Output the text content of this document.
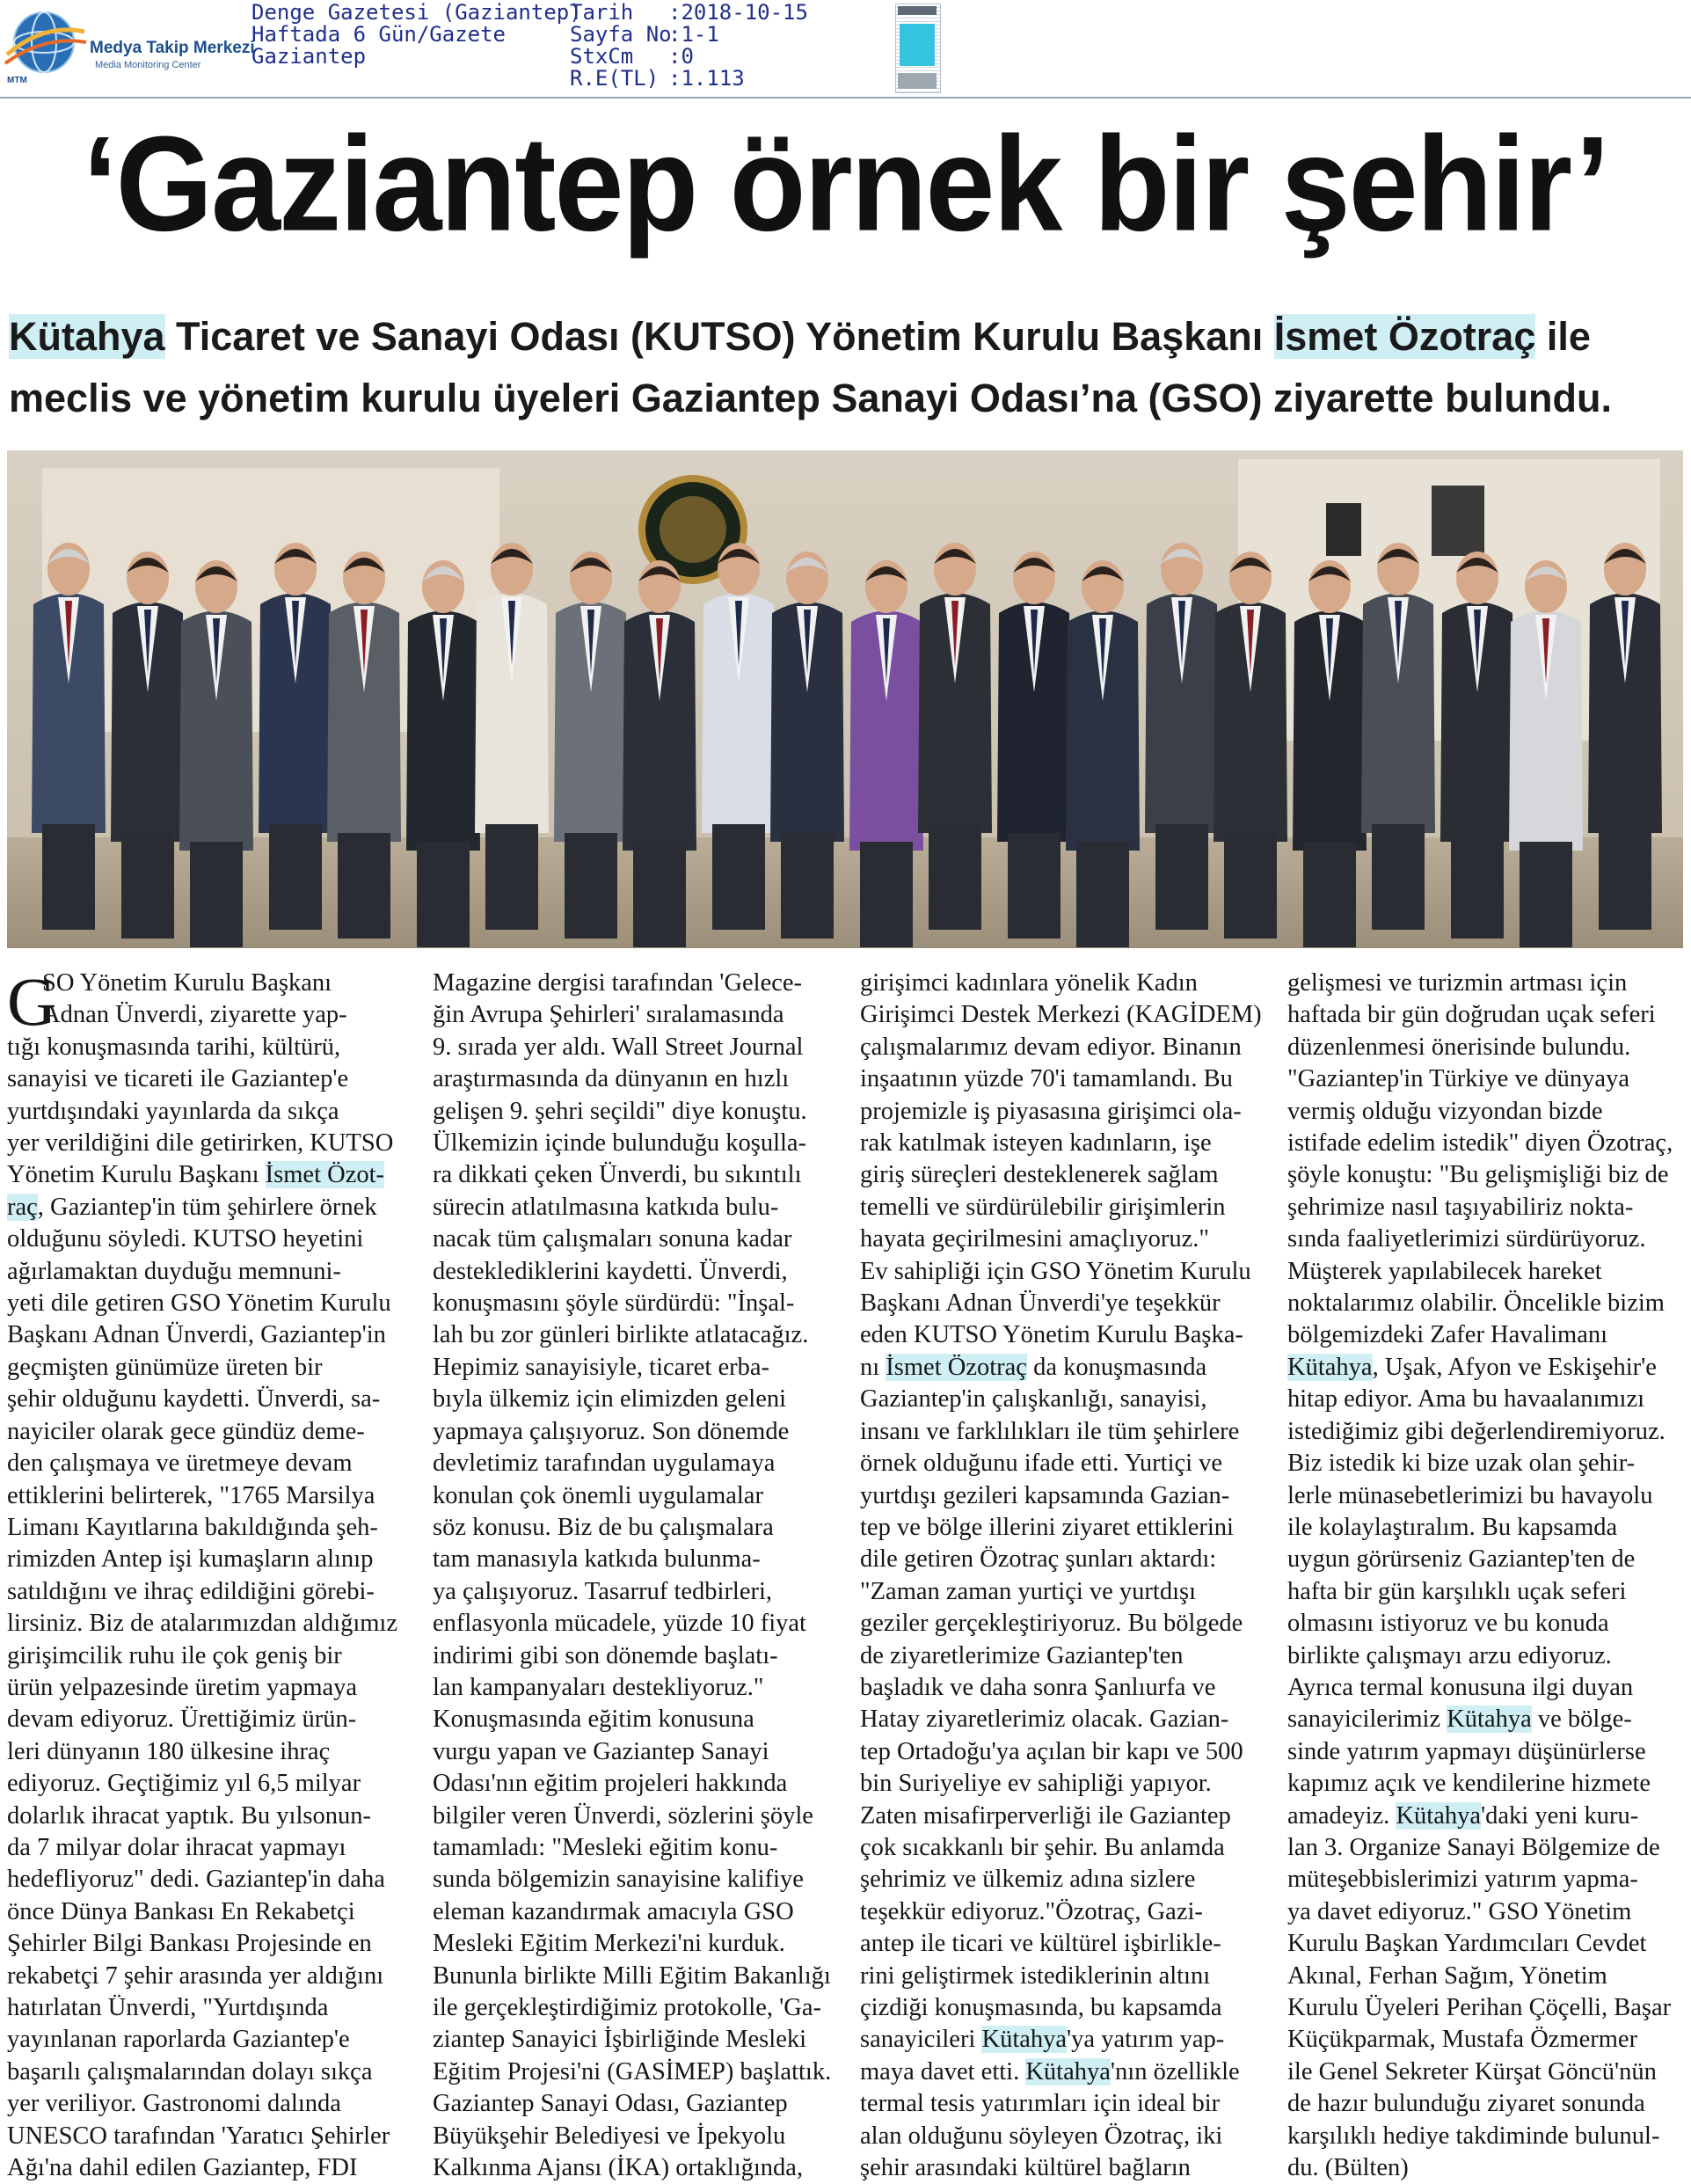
Medya Takip Merkezi
Media Monitoring Center
MTM
Denge Gazetesi (Gaziantep)
Haftada 6 Gün/Gazete
Gaziantep
Tarih	:2018-10-15
Sayfa No
:1-1
StxCm	:0
R.E(TL) :1.113
‘Gaziantep örnek bir şehir’
Kütahya Ticaret ve Sanayi Odası (KUTSO) Yönetim Kurulu Başkanı İsmet Özotraç ile
meclis ve yönetim kurulu üyeleri Gaziantep Sanayi Odası’na (GSO) ziyarette bulundu.
G
SO Yönetim Kurulu Başkanı
Adnan Ünverdi, ziyarette yap-
tığı konuşmasında tarihi, kültürü,
sanayisi ve ticareti ile Gaziantep'e
yurtdışındaki yayınlarda da sıkça
yer verildiğini dile getirirken, KUTSO
Yönetim Kurulu Başkanı İsmet Özot-
raç, Gaziantep'in tüm şehirlere örnek
olduğunu söyledi. KUTSO heyetini
ağırlamaktan duyduğu memnuni-
yeti dile getiren GSO Yönetim Kurulu
Başkanı Adnan Ünverdi, Gaziantep'in
geçmişten günümüze üreten bir
şehir olduğunu kaydetti. Ünverdi, sa-
nayiciler olarak gece gündüz deme-
den çalışmaya ve üretmeye devam
ettiklerini belirterek, "1765 Marsilya
Limanı Kayıtlarına bakıldığında şeh-
rimizden Antep işi kumaşların alınıp
satıldığını ve ihraç edildiğini görebi-
lirsiniz. Biz de atalarımızdan aldığımız
girişimcilik ruhu ile çok geniş bir
ürün yelpazesinde üretim yapmaya
devam ediyoruz. Ürettiğimiz ürün-
leri dünyanın 180 ülkesine ihraç
ediyoruz. Geçtiğimiz yıl 6,5 milyar
dolarlık ihracat yaptık. Bu yılsonun-
da 7 milyar dolar ihracat yapmayı
hedefliyoruz" dedi. Gaziantep'in daha
önce Dünya Bankası En Rekabetçi
Şehirler Bilgi Bankası Projesinde en
rekabetçi 7 şehir arasında yer aldığını
hatırlatan Ünverdi, "Yurtdışında
yayınlanan raporlarda Gaziantep'e
başarılı çalışmalarından dolayı sıkça
yer veriliyor. Gastronomi dalında
UNESCO tarafından 'Yaratıcı Şehirler
Ağı'na dahil edilen Gaziantep, FDI
Magazine dergisi tarafından 'Gelece-
ğin Avrupa Şehirleri' sıralamasında
9. sırada yer aldı. Wall Street Journal
araştırmasında da dünyanın en hızlı
gelişen 9. şehri seçildi" diye konuştu.
Ülkemizin içinde bulunduğu koşulla-
ra dikkati çeken Ünverdi, bu sıkıntılı
sürecin atlatılmasına katkıda bulu-
nacak tüm çalışmaları sonuna kadar
desteklediklerini kaydetti. Ünverdi,
konuşmasını şöyle sürdürdü: "İnşal-
lah bu zor günleri birlikte atlatacağız.
Hepimiz sanayisiyle, ticaret erba-
bıyla ülkemiz için elimizden geleni
yapmaya çalışıyoruz. Son dönemde
devletimiz tarafından uygulamaya
konulan çok önemli uygulamalar
söz konusu. Biz de bu çalışmalara
tam manasıyla katkıda bulunma-
ya çalışıyoruz. Tasarruf tedbirleri,
enflasyonla mücadele, yüzde 10 fiyat
indirimi gibi son dönemde başlatı-
lan kampanyaları destekliyoruz."
Konuşmasında eğitim konusuna
vurgu yapan ve Gaziantep Sanayi
Odası'nın eğitim projeleri hakkında
bilgiler veren Ünverdi, sözlerini şöyle
tamamladı: "Mesleki eğitim konu-
sunda bölgemizin sanayisine kalifiye
eleman kazandırmak amacıyla GSO
Mesleki Eğitim Merkezi'ni kurduk.
Bununla birlikte Milli Eğitim Bakanlığı
ile gerçekleştirdiğimiz protokolle, 'Ga-
ziantep Sanayici İşbirliğinde Mesleki
Eğitim Projesi'ni (GASİMEP) başlattık.
Gaziantep Sanayi Odası, Gaziantep
Büyükşehir Belediyesi ve İpekyolu
Kalkınma Ajansı (İKA) ortaklığında,
girişimci kadınlara yönelik Kadın
Girişimci Destek Merkezi (KAGİDEM)
çalışmalarımız devam ediyor. Binanın
inşaatının yüzde 70'i tamamlandı. Bu
projemizle iş piyasasına girişimci ola-
rak katılmak isteyen kadınların, işe
giriş süreçleri desteklenerek sağlam
temelli ve sürdürülebilir girişimlerin
hayata geçirilmesini amaçlıyoruz."
Ev sahipliği için GSO Yönetim Kurulu
Başkanı Adnan Ünverdi'ye teşekkür
eden KUTSO Yönetim Kurulu Başka-
nı İsmet Özotraç da konuşmasında
Gaziantep'in çalışkanlığı, sanayisi,
insanı ve farklılıkları ile tüm şehirlere
örnek olduğunu ifade etti. Yurtiçi ve
yurtdışı gezileri kapsamında Gazian-
tep ve bölge illerini ziyaret ettiklerini
dile getiren Özotraç şunları aktardı:
"Zaman zaman yurtiçi ve yurtdışı
geziler gerçekleştiriyoruz. Bu bölgede
de ziyaretlerimize Gaziantep'ten
başladık ve daha sonra Şanlıurfa ve
Hatay ziyaretlerimiz olacak. Gazian-
tep Ortadoğu'ya açılan bir kapı ve 500
bin Suriyeliye ev sahipliği yapıyor.
Zaten misafirperverliği ile Gaziantep
çok sıcakkanlı bir şehir. Bu anlamda
şehrimiz ve ülkemiz adına sizlere
teşekkür ediyoruz."Özotraç, Gazi-
antep ile ticari ve kültürel işbirlikle-
rini geliştirmek istediklerinin altını
çizdiği konuşmasında, bu kapsamda
sanayicileri Kütahya'ya yatırım yap-
maya davet etti. Kütahya'nın özellikle
termal tesis yatırımları için ideal bir
alan olduğunu söyleyen Özotraç, iki
şehir arasındaki kültürel bağların
gelişmesi ve turizmin artması için
haftada bir gün doğrudan uçak seferi
düzenlenmesi önerisinde bulundu.
"Gaziantep'in Türkiye ve dünyaya
vermiş olduğu vizyondan bizde
istifade edelim istedik" diyen Özotraç,
şöyle konuştu: "Bu gelişmişliği biz de
şehrimize nasıl taşıyabiliriz nokta-
sında faaliyetlerimizi sürdürüyoruz.
Müşterek yapılabilecek hareket
noktalarımız olabilir. Öncelikle bizim
bölgemizdeki Zafer Havalimanı
Kütahya, Uşak, Afyon ve Eskişehir'e
hitap ediyor. Ama bu havaalanımızı
istediğimiz gibi değerlendiremiyoruz.
Biz istedik ki bize uzak olan şehir-
lerle münasebetlerimizi bu havayolu
ile kolaylaştıralım. Bu kapsamda
uygun görürseniz Gaziantep'ten de
hafta bir gün karşılıklı uçak seferi
olmasını istiyoruz ve bu konuda
birlikte çalışmayı arzu ediyoruz.
Ayrıca termal konusuna ilgi duyan
sanayicilerimiz Kütahya ve bölge-
sinde yatırım yapmayı düşünürlerse
kapımız açık ve kendilerine hizmete
amadeyiz. Kütahya'daki yeni kuru-
lan 3. Organize Sanayi Bölgemize de
müteşebbislerimizi yatırım yapma-
ya davet ediyoruz." GSO Yönetim
Kurulu Başkan Yardımcıları Cevdet
Akınal, Ferhan Sağım, Yönetim
Kurulu Üyeleri Perihan Çöçelli, Başar
Küçükparmak, Mustafa Özmermer
ile Genel Sekreter Kürşat Göncü'nün
de hazır bulunduğu ziyaret sonunda
karşılıklı hediye takdiminde bulunul-
du. (Bülten)
